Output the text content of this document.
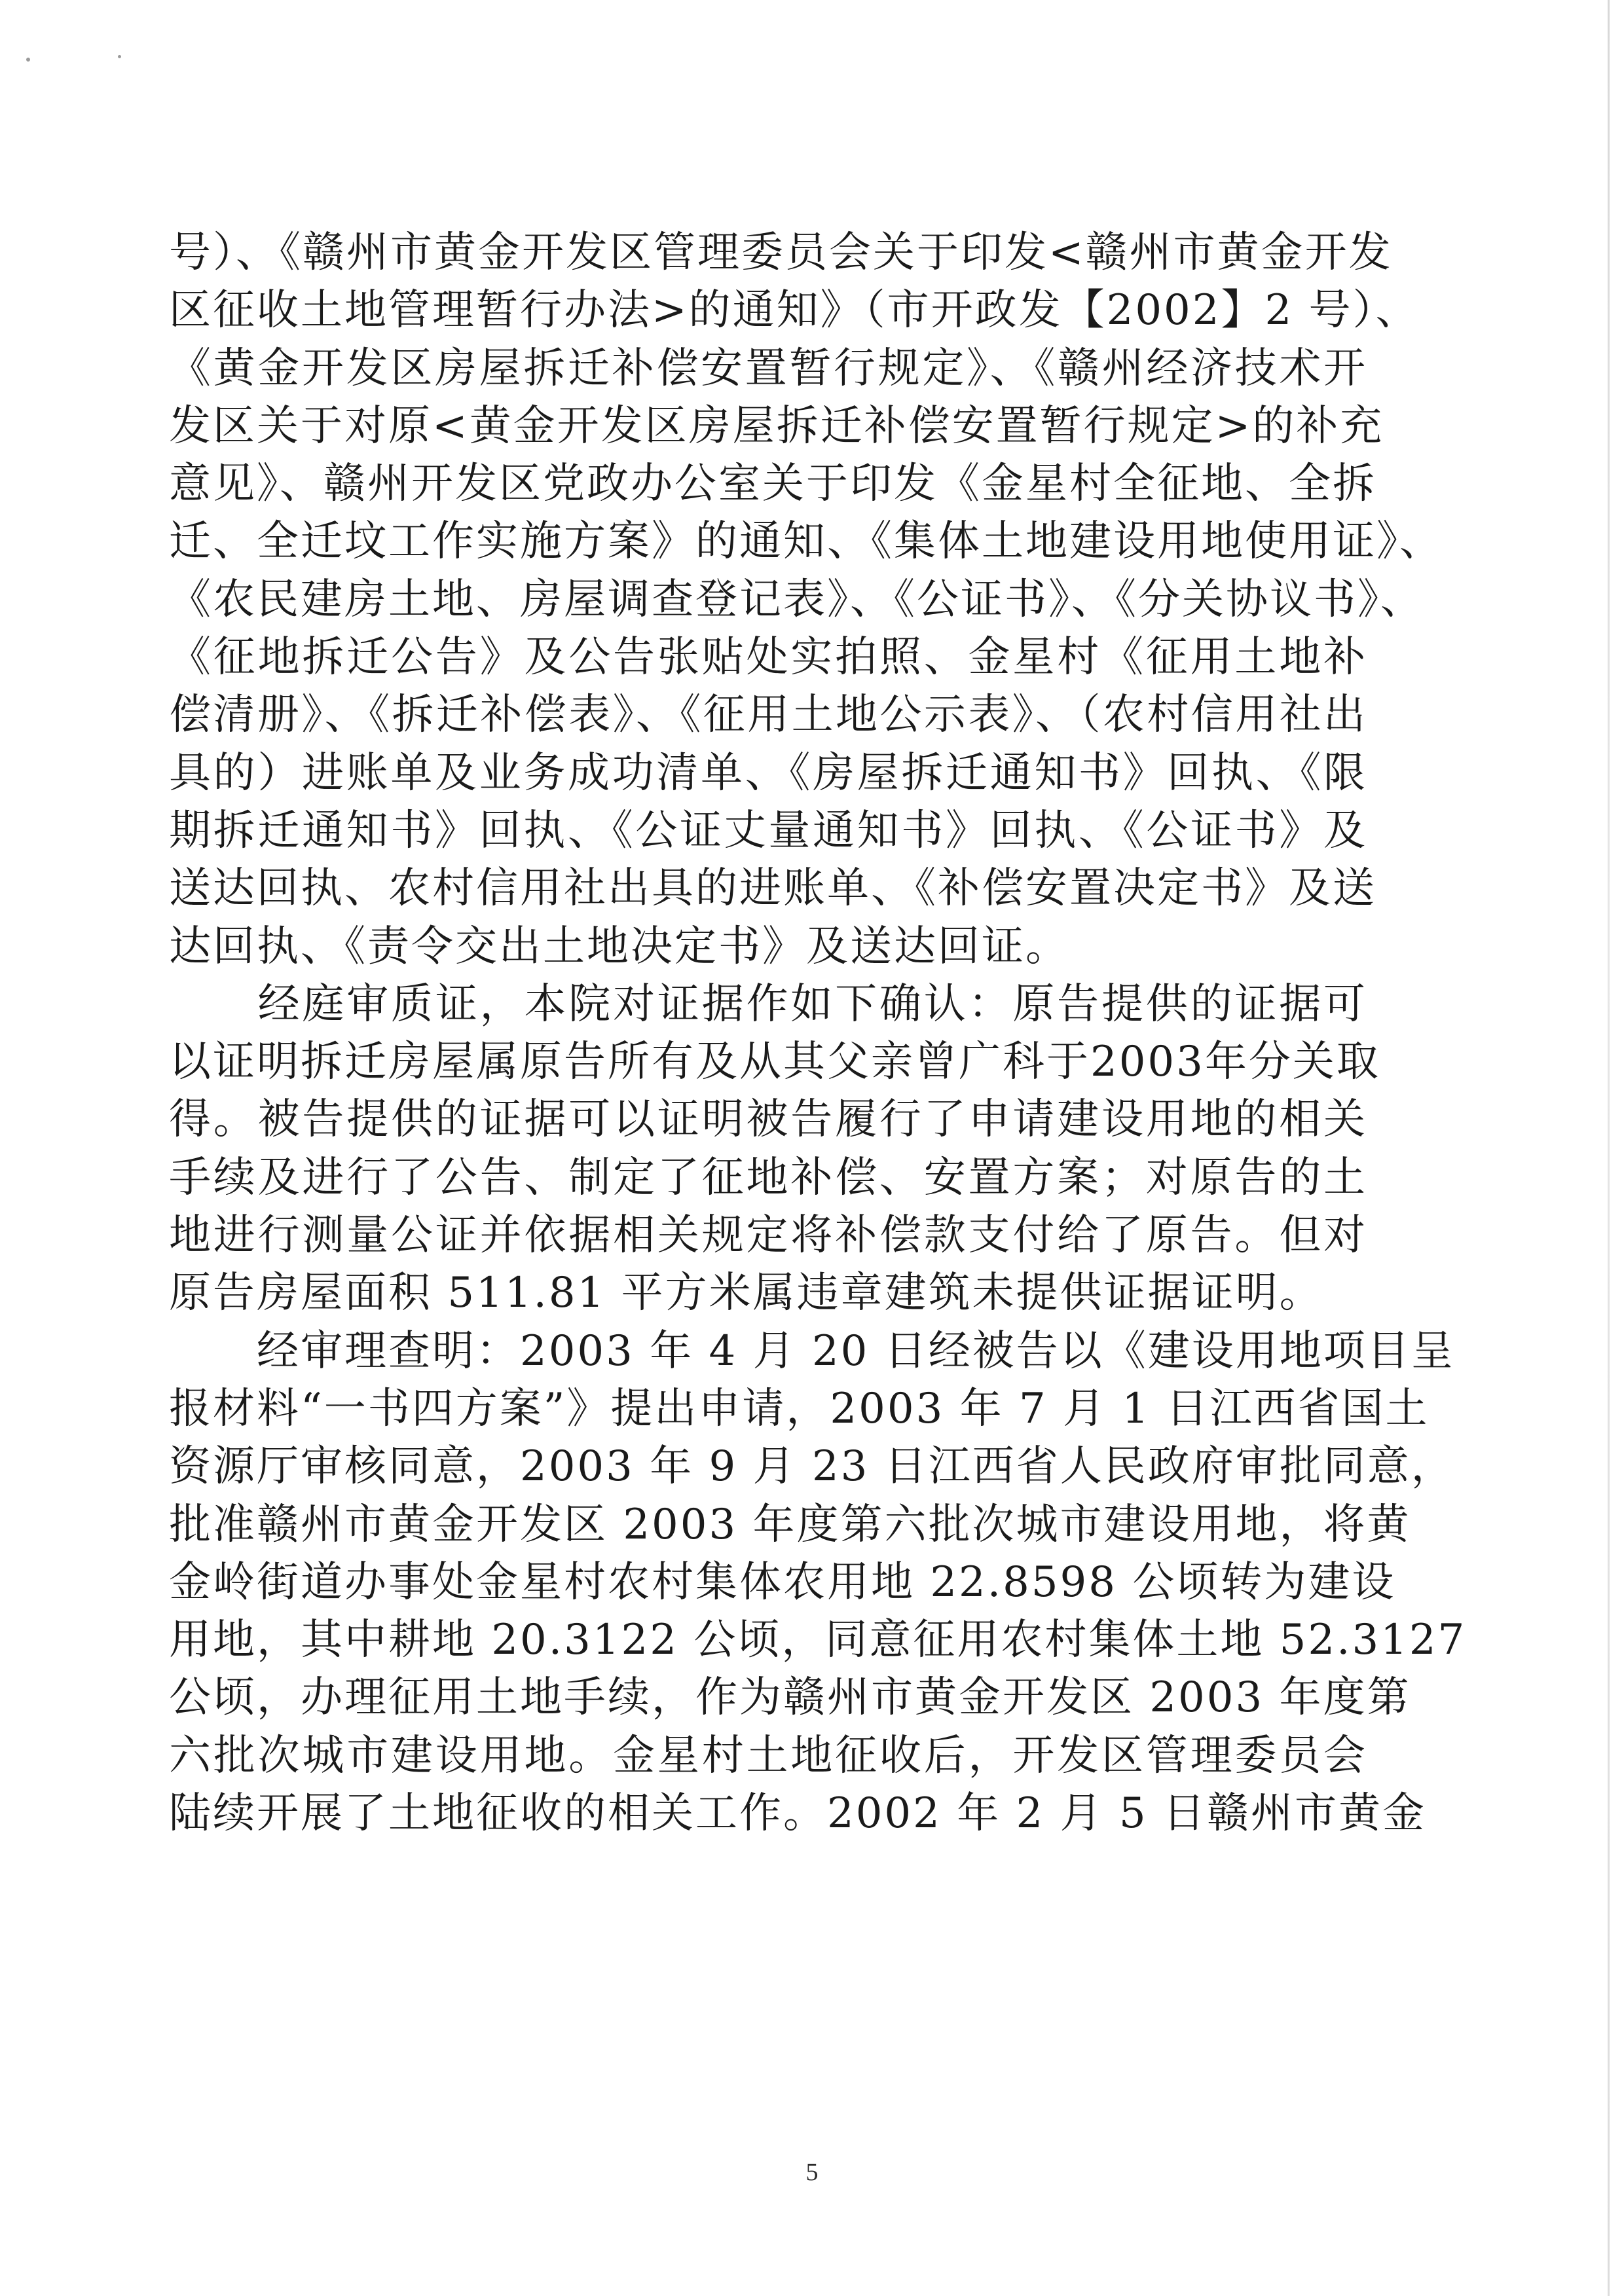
号）、《赣州市黄金开发区管理委员会关于印发<赣州市黄金开发
区征收土地管理暂行办法>的通知》（市开政发【2002】2 号）、
《黄金开发区房屋拆迁补偿安置暂行规定》、《赣州经济技术开
发区关于对原<黄金开发区房屋拆迁补偿安置暂行规定>的补充
意见》、赣州开发区党政办公室关于印发《金星村全征地、全拆
迁、全迁坟工作实施方案》的通知、《集体土地建设用地使用证》、
《农民建房土地、房屋调查登记表》、《公证书》、《分关协议书》、
《征地拆迁公告》及公告张贴处实拍照、金星村《征用土地补
偿清册》、《拆迁补偿表》、《征用土地公示表》、（农村信用社出
具的）进账单及业务成功清单、《房屋拆迁通知书》回执、《限
期拆迁通知书》回执、《公证丈量通知书》回执、《公证书》及
送达回执、农村信用社出具的进账单、《补偿安置决定书》及送
达回执、《责令交出土地决定书》及送达回证。
　　经庭审质证，本院对证据作如下确认：原告提供的证据可
以证明拆迁房屋属原告所有及从其父亲曾广科于2003年分关取
得。被告提供的证据可以证明被告履行了申请建设用地的相关
手续及进行了公告、制定了征地补偿、安置方案；对原告的土
地进行测量公证并依据相关规定将补偿款支付给了原告。但对
原告房屋面积 511.81 平方米属违章建筑未提供证据证明。
　　经审理查明：2003 年 4 月 20 日经被告以《建设用地项目呈
报材料“一书四方案”》提出申请，2003 年 7 月 1 日江西省国土
资源厅审核同意，2003 年 9 月 23 日江西省人民政府审批同意，
批准赣州市黄金开发区 2003 年度第六批次城市建设用地，将黄
金岭街道办事处金星村农村集体农用地 22.8598 公顷转为建设
用地，其中耕地 20.3122 公顷，同意征用农村集体土地 52.3127
公顷，办理征用土地手续，作为赣州市黄金开发区 2003 年度第
六批次城市建设用地。金星村土地征收后，开发区管理委员会
陆续开展了土地征收的相关工作。2002 年 2 月 5 日赣州市黄金
5
